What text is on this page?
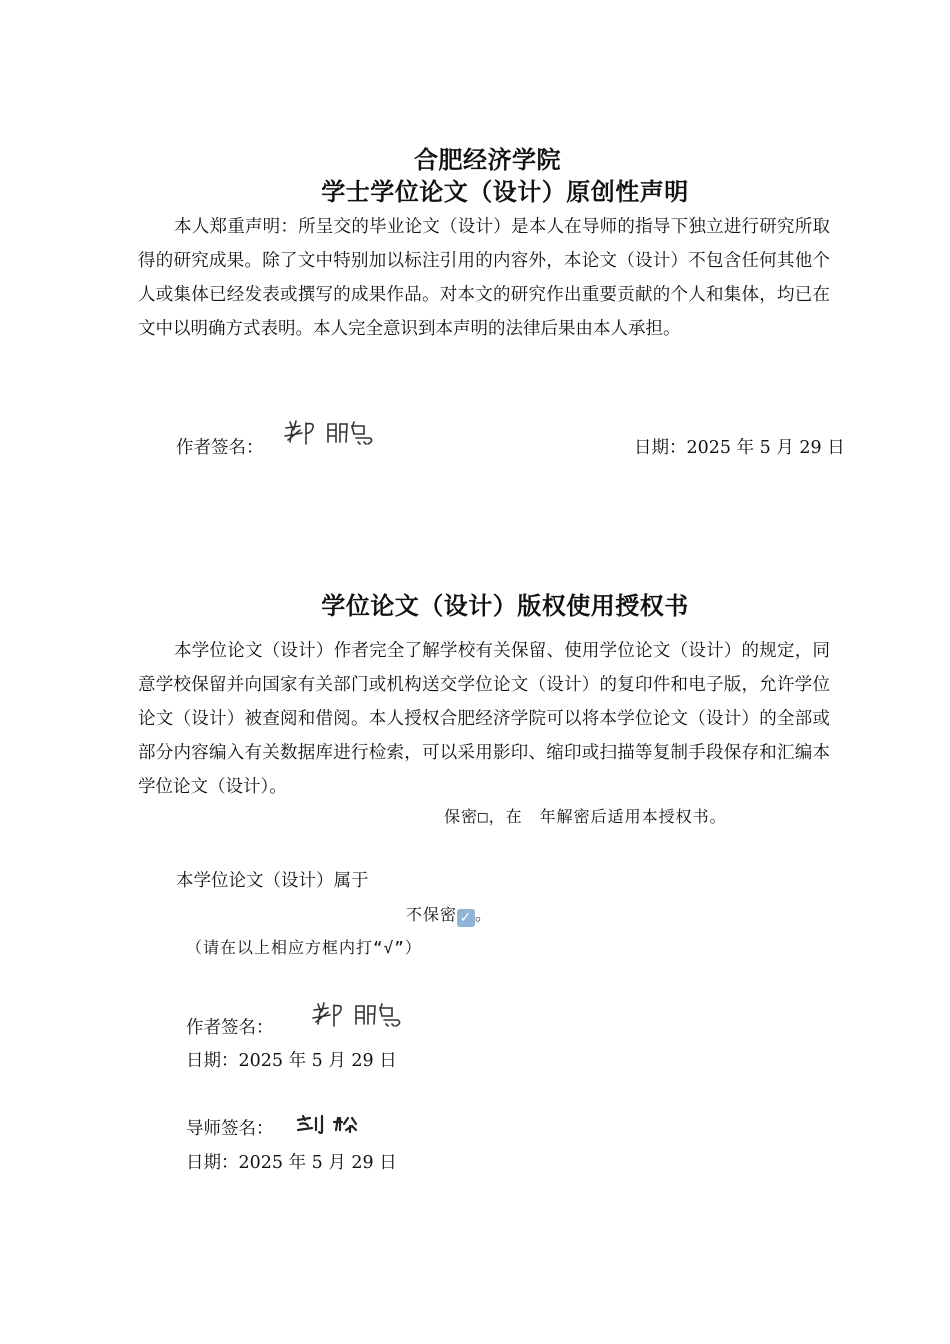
合肥经济学院
学士学位论文（设计）原创性声明
本人郑重声明：所呈交的毕业论文（设计）是本人在导师的指导下独立进行研究所取得的研究成果。除了文中特别加以标注引用的内容外，本论文（设计）不包含任何其他个人或集体已经发表或撰写的成果作品。对本文的研究作出重要贡献的个人和集体，均已在文中以明确方式表明。本人完全意识到本声明的法律后果由本人承担。
作者签名：	日期：2025 年 5 月 29 日
学位论文（设计）版权使用授权书
本学位论文（设计）作者完全了解学校有关保留、使用学位论文（设计）的规定，同意学校保留并向国家有关部门或机构送交学位论文（设计）的复印件和电子版，允许学位论文（设计）被查阅和借阅。本人授权合肥经济学院可以将本学位论文（设计）的全部或部分内容编入有关数据库进行检索，可以采用影印、缩印或扫描等复制手段保存和汇编本学位论文（设计）。
保密□，在　年解密后适用本授权书。
本学位论文（设计）属于
不保密 ✓ 。
（请在以上相应方框内打“√”）
作者签名：
日期：2025 年 5 月 29 日
导师签名：
日期：2025 年 5 月 29 日
